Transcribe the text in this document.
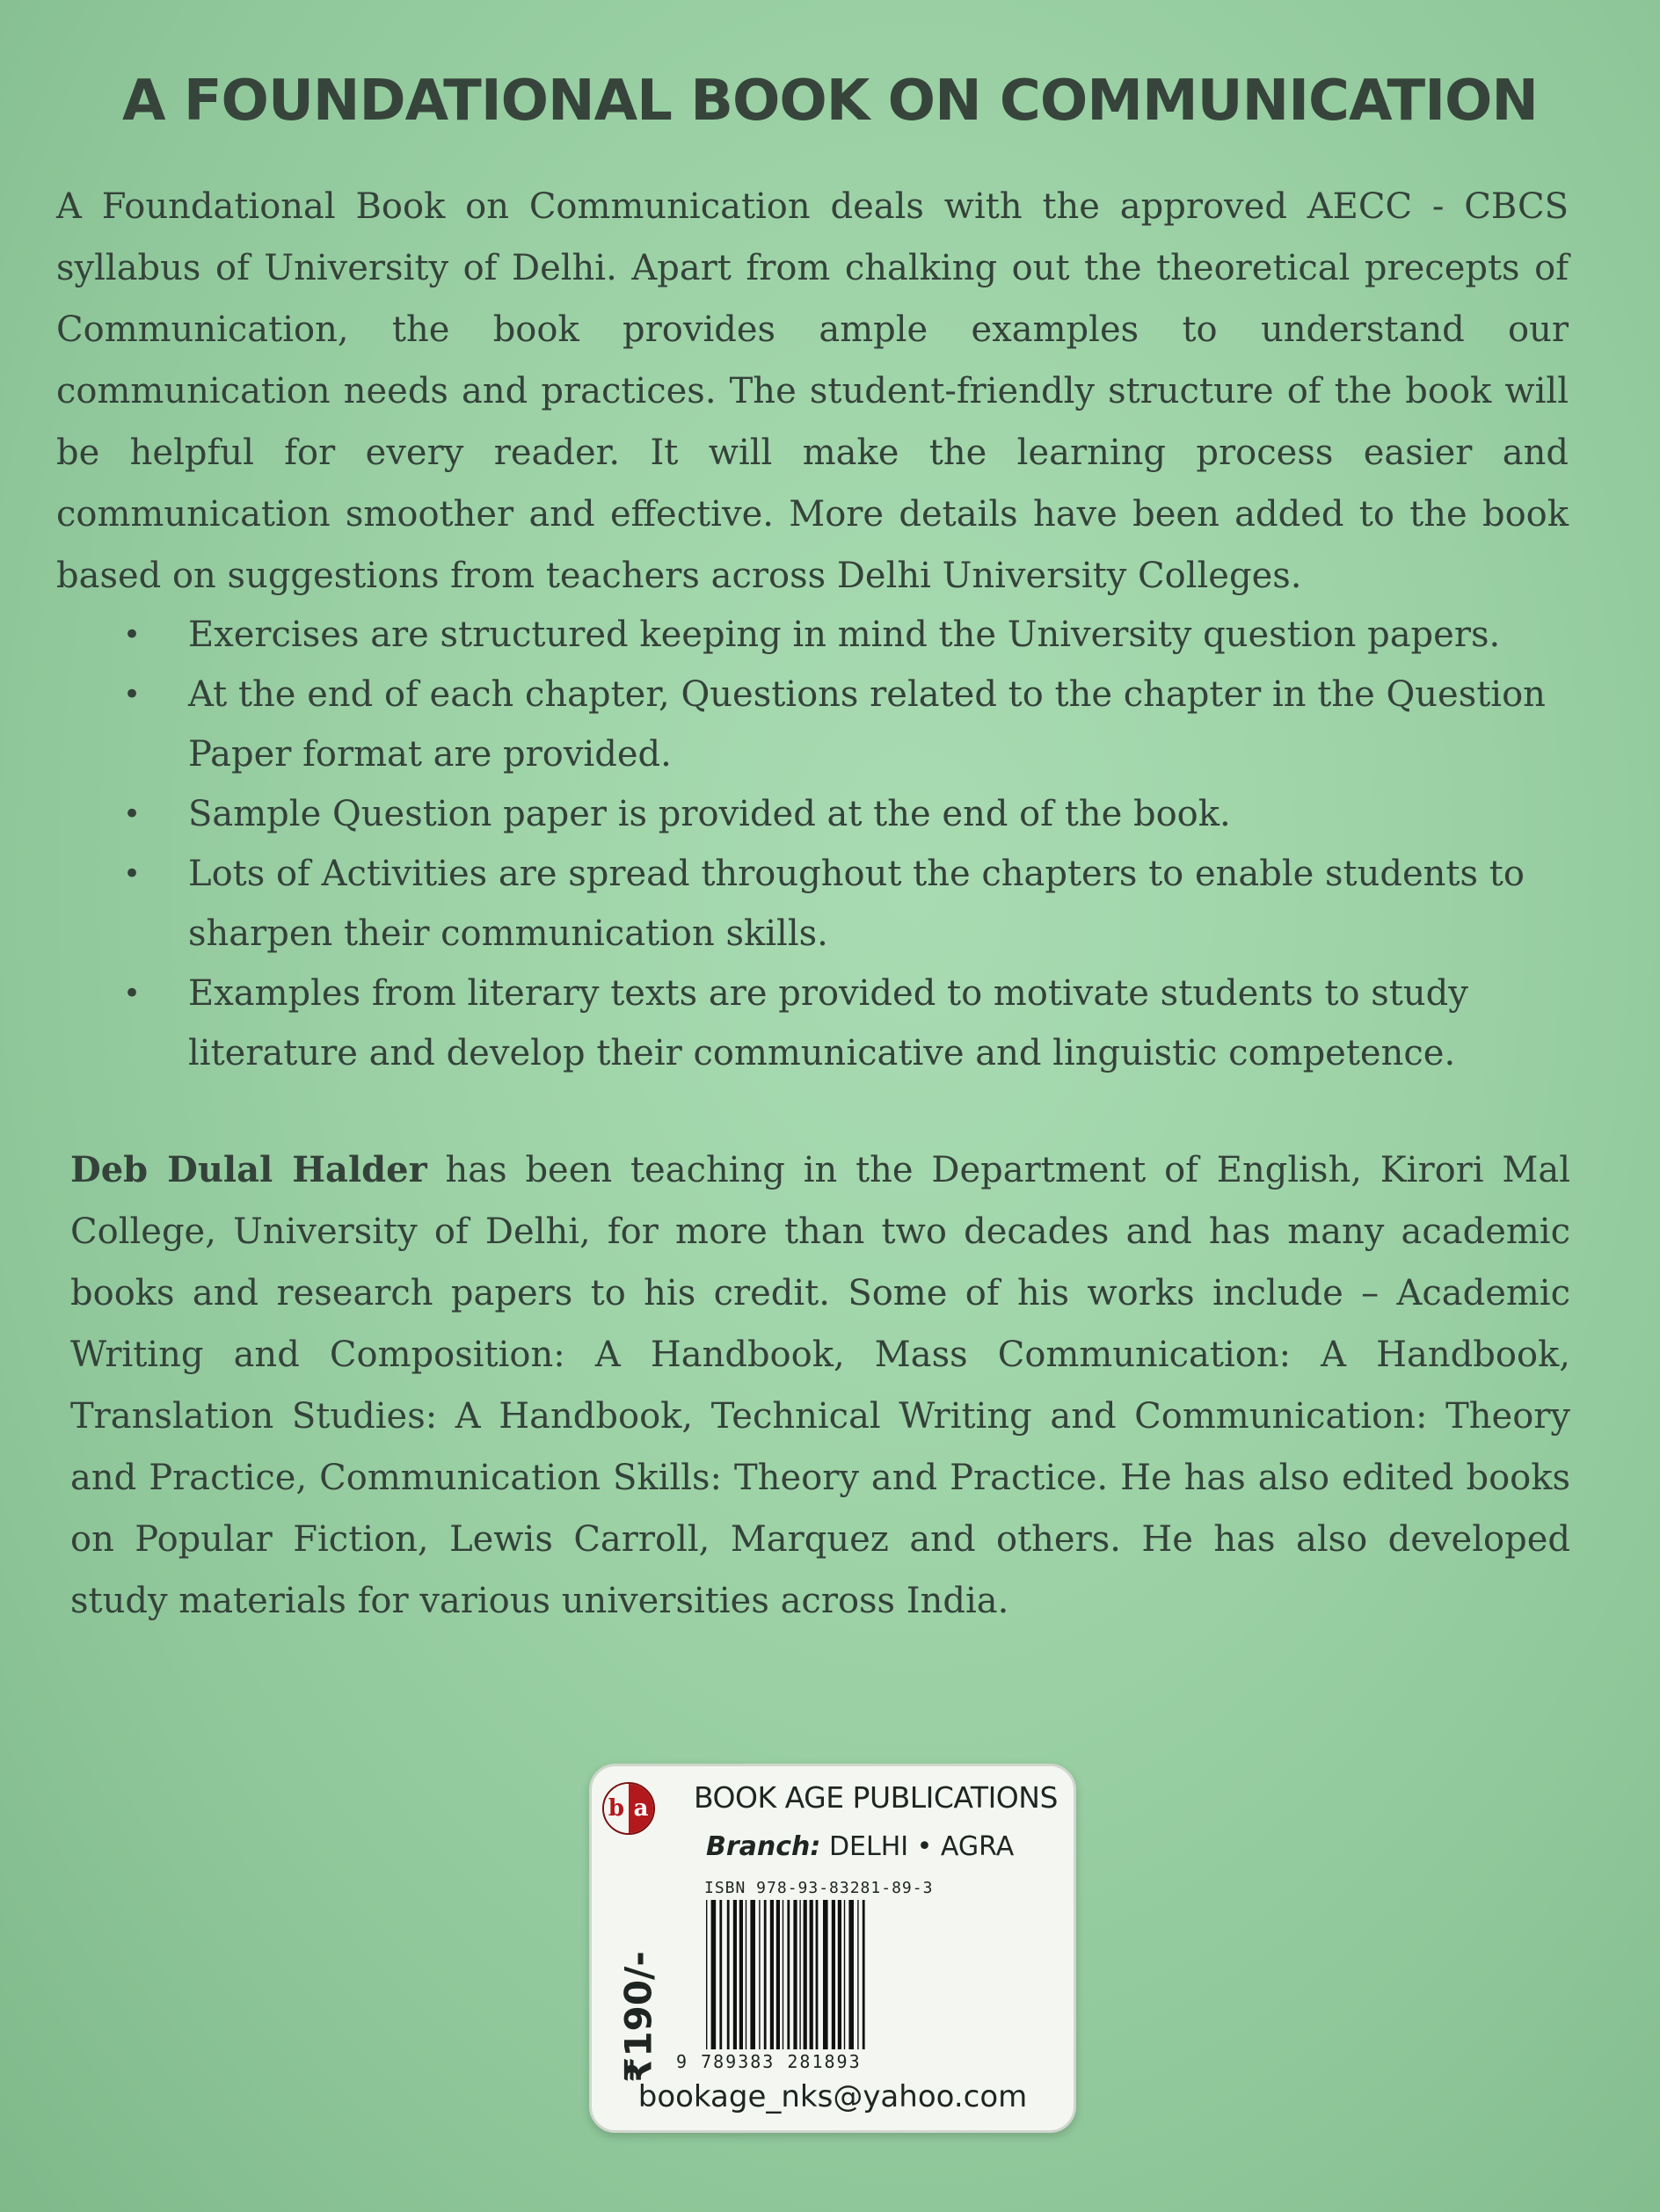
A FOUNDATIONAL BOOK ON COMMUNICATION

A Foundational Book on Communication deals with the approved AECC - CBCS syllabus of University of Delhi. Apart from chalking out the theoretical precepts of Communication, the book provides ample examples to understand our communication needs and practices. The student-friendly structure of the book will be helpful for every reader. It will make the learning process easier and communication smoother and effective. More details have been added to the book based on suggestions from teachers across Delhi University Colleges.

• Exercises are structured keeping in mind the University question papers.
• At the end of each chapter, Questions related to the chapter in the Question Paper format are provided.
• Sample Question paper is provided at the end of the book.
• Lots of Activities are spread throughout the chapters to enable students to sharpen their communication skills.
• Examples from literary texts are provided to motivate students to study literature and develop their communicative and linguistic competence.

Deb Dulal Halder has been teaching in the Department of English, Kirori Mal College, University of Delhi, for more than two decades and has many academic books and research papers to his credit. Some of his works include – Academic Writing and Composition: A Handbook, Mass Communication: A Handbook, Translation Studies: A Handbook, Technical Writing and Communication: Theory and Practice, Communication Skills: Theory and Practice. He has also edited books on Popular Fiction, Lewis Carroll, Marquez and others. He has also developed study materials for various universities across India.

b a BOOK AGE PUBLICATIONS
Branch: DELHI • AGRA
ISBN 978-93-83281-89-3
9 789383 281893
₹190/-
bookage_nks@yahoo.com
